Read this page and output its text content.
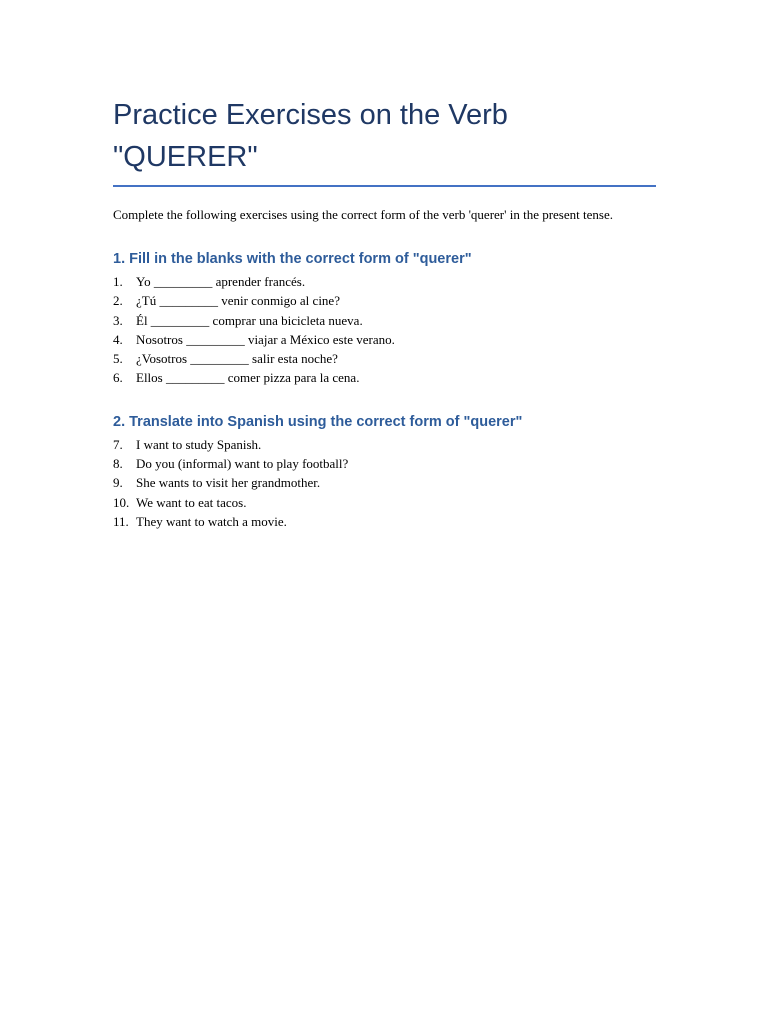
Practice Exercises on the Verb
"QUERER"

Complete the following exercises using the correct form of the verb 'querer' in the present tense.

1. Fill in the blanks with the correct form of "querer"
1.	Yo _________ aprender francés.
2.	¿Tú _________ venir conmigo al cine?
3.	Él _________ comprar una bicicleta nueva.
4.	Nosotros _________ viajar a México este verano.
5.	¿Vosotros _________ salir esta noche?
6.	Ellos _________ comer pizza para la cena.
2. Translate into Spanish using the correct form of "querer"
7.	I want to study Spanish.
8.	Do you (informal) want to play football?
9.	She wants to visit her grandmother.
10. We want to eat tacos.
11. They want to watch a movie.
